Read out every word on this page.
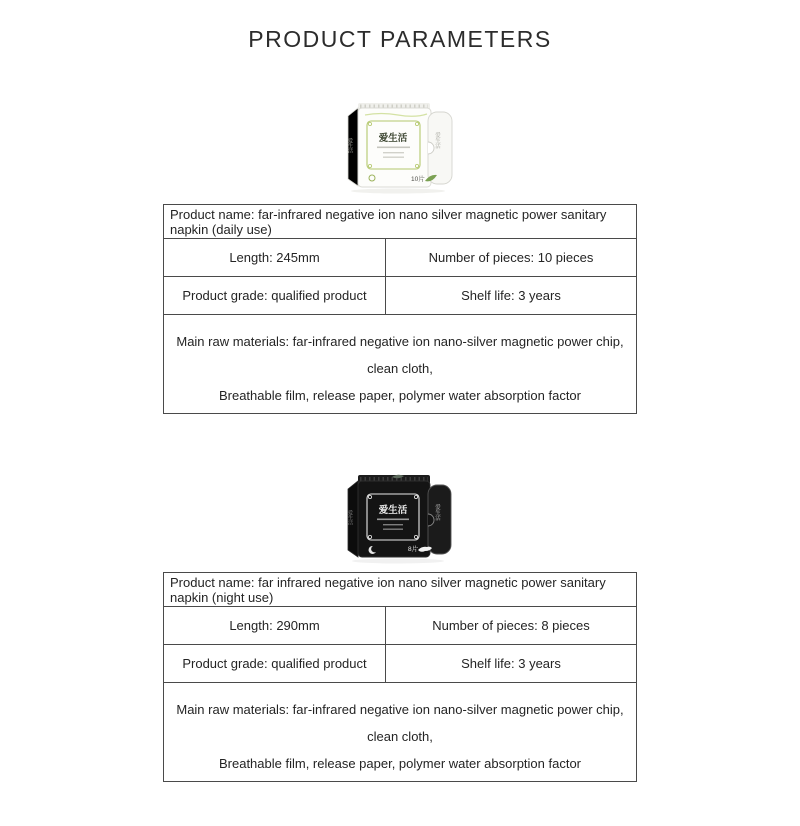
PRODUCT PARAMETERS
爱生活
10片
爱生活
爱生活
Product name: far-infrared negative ion nano silver magnetic power sanitary napkin (daily use)	
Length: 245mm	Number of pieces: 10 pieces
Product grade: qualified product	Shelf life: 3 years

Main raw materials: far-infrared negative ion nano-silver magnetic power chip, clean cloth,
Breathable film, release paper, polymer water absorption factor	
爱生活
8片
爱生活
爱生活
Product name: far infrared negative ion nano silver magnetic power sanitary napkin (night use)	
Length: 290mm	Number of pieces: 8 pieces
Product grade: qualified product	Shelf life: 3 years

Main raw materials: far-infrared negative ion nano-silver magnetic power chip, clean cloth,
Breathable film, release paper, polymer water absorption factor	
